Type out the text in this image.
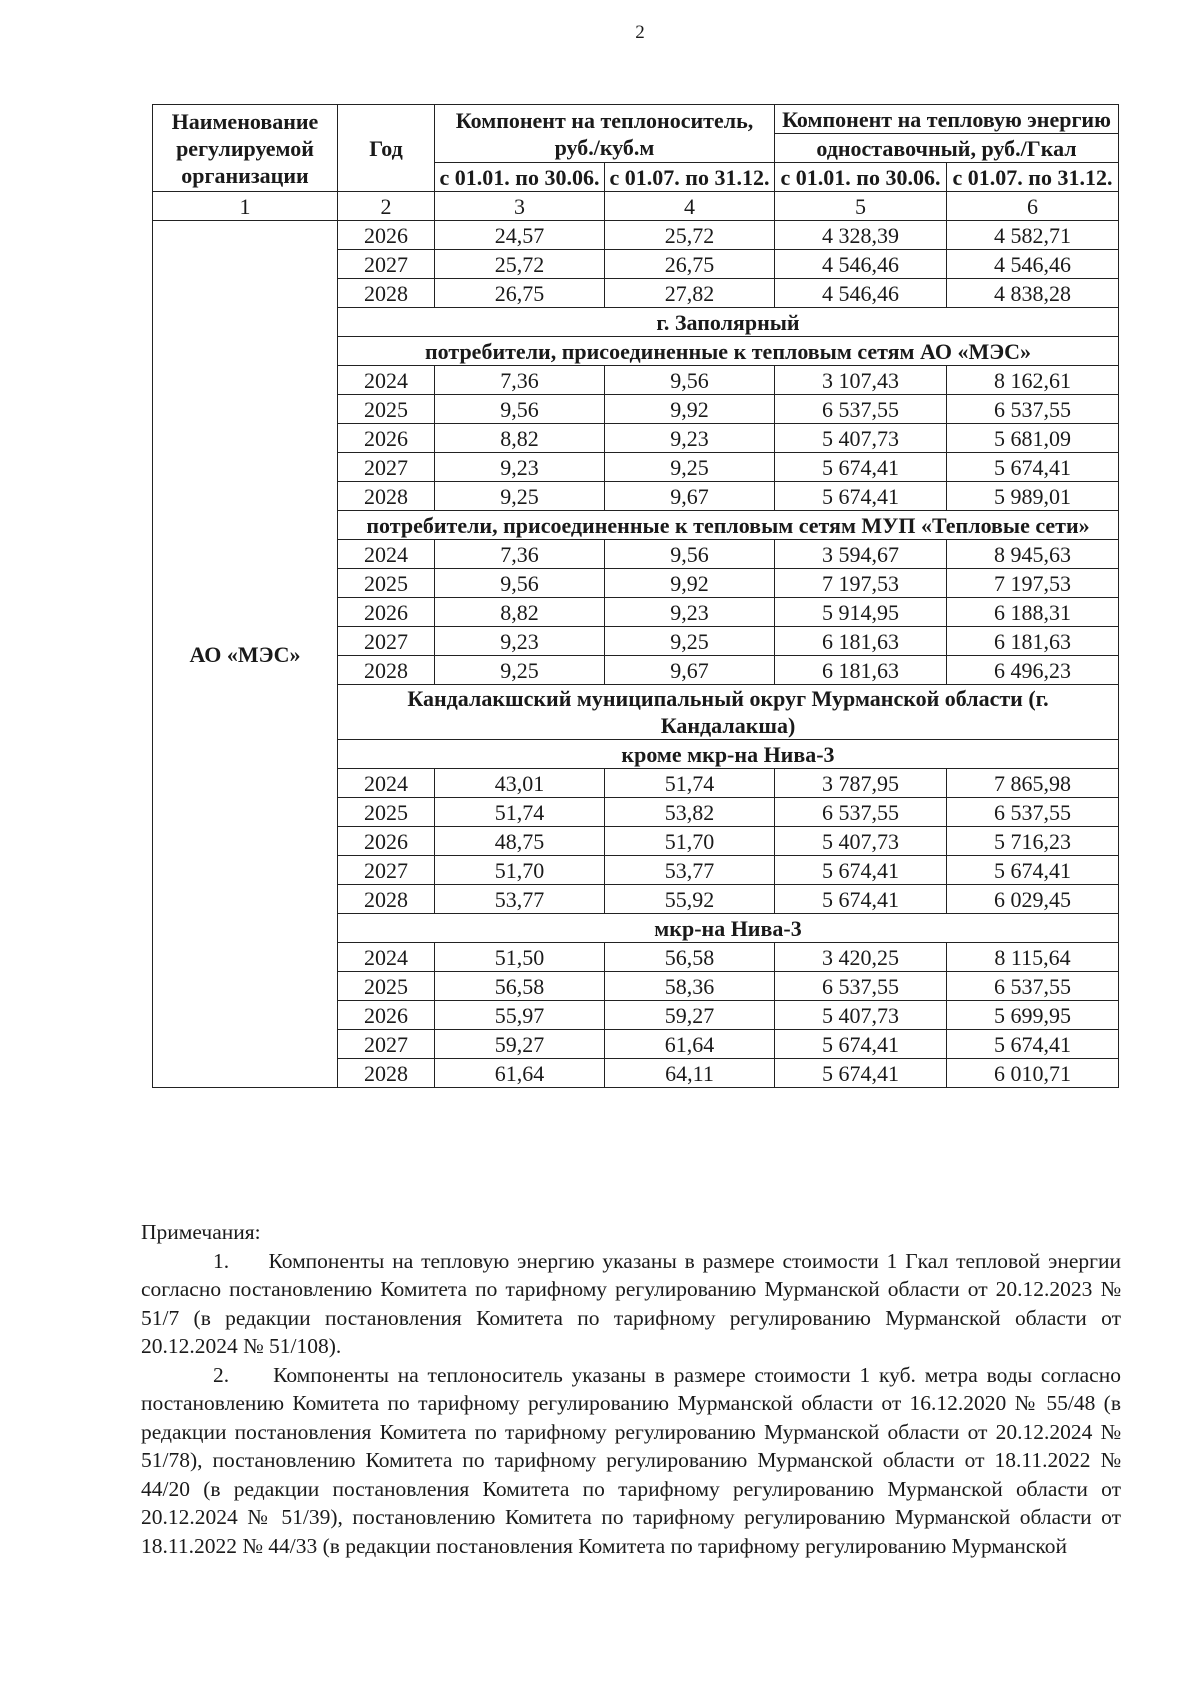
2
Наименование регулируемой организации	Год	Компонент на теплоноситель, руб./куб.м		Компонент на тепловую энергию	
				одноставочный, руб./Гкал	
		с 01.01. по 30.06.	с 01.07. по 31.12.	с 01.01. по 30.06.	с 01.07. по 31.12.
1	2	3	4	5	6
АО «МЭС»	2026	24,57	25,72	4 328,39	4 582,71
	2027	25,72	26,75	4 546,46	4 546,46
	2028	26,75	27,82	4 546,46	4 838,28
	г. Заполярный				
	потребители, присоединенные к тепловым сетям АО «МЭС»				
	2024	7,36	9,56	3 107,43	8 162,61
	2025	9,56	9,92	6 537,55	6 537,55
	2026	8,82	9,23	5 407,73	5 681,09
	2027	9,23	9,25	5 674,41	5 674,41
	2028	9,25	9,67	5 674,41	5 989,01
	потребители, присоединенные к тепловым сетям МУП «Тепловые сети»				
	2024	7,36	9,56	3 594,67	8 945,63
	2025	9,56	9,92	7 197,53	7 197,53
	2026	8,82	9,23	5 914,95	6 188,31
	2027	9,23	9,25	6 181,63	6 181,63
	2028	9,25	9,67	6 181,63	6 496,23
	Кандалакшский муниципальный округ Мурманской области (г. Кандалакша)				
	кроме мкр-на Нива-3				
	2024	43,01	51,74	3 787,95	7 865,98
	2025	51,74	53,82	6 537,55	6 537,55
	2026	48,75	51,70	5 407,73	5 716,23
	2027	51,70	53,77	5 674,41	5 674,41
	2028	53,77	55,92	5 674,41	6 029,45
	мкр-на Нива-3				
	2024	51,50	56,58	3 420,25	8 115,64
	2025	56,58	58,36	6 537,55	6 537,55
	2026	55,97	59,27	5 407,73	5 699,95
	2027	59,27	61,64	5 674,41	5 674,41
	2028	61,64	64,11	5 674,41	6 010,71

Примечания:

1.     Компоненты на тепловую энергию указаны в размере стоимости 1 Гкал тепловой энергии согласно постановлению Комитета по тарифному регулированию Мурманской области от 20.12.2023 № 51/7 (в редакции постановления Комитета по тарифному регулированию Мурманской области от 20.12.2024 № 51/108).

2.     Компоненты на теплоноситель указаны в размере стоимости 1 куб. метра воды согласно постановлению Комитета по тарифному регулированию Мурманской области от 16.12.2020 № 55/48 (в редакции постановления Комитета по тарифному регулированию Мурманской области от 20.12.2024 № 51/78), постановлению Комитета по тарифному регулированию Мурманской области от 18.11.2022 № 44/20 (в редакции постановления Комитета по тарифному регулированию Мурманской области от 20.12.2024 № 51/39), постановлению Комитета по тарифному регулированию Мурманской области от 18.11.2022 № 44/33 (в редакции постановления Комитета по тарифному регулированию Мурманской
